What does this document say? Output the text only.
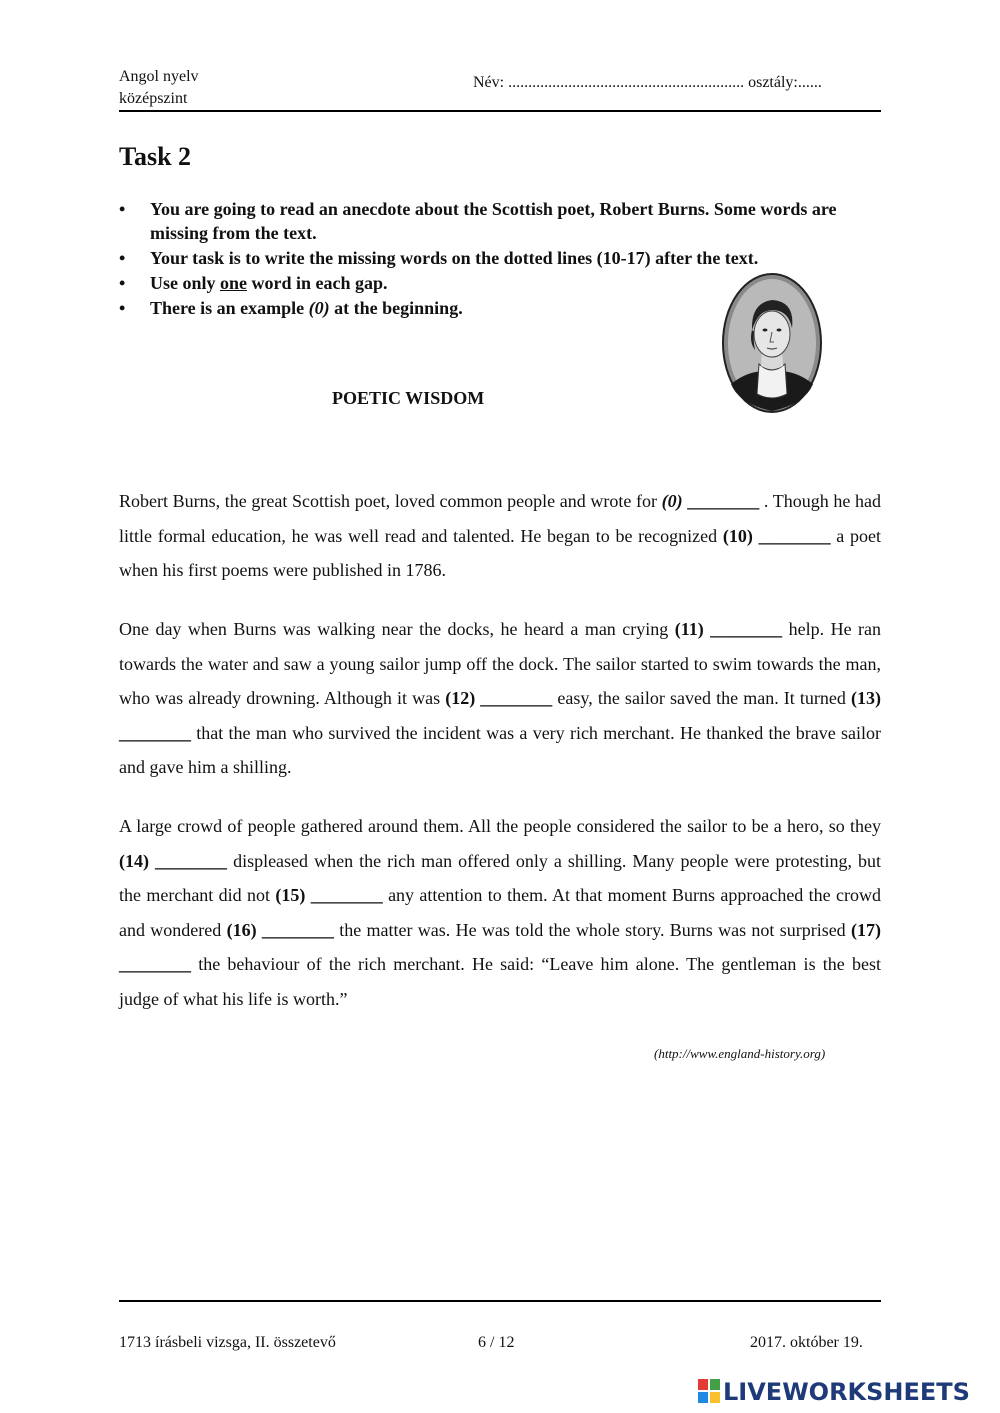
Angol nyelv
középszint
Név: ........................................................... osztály:......
Task 2
• You are going to read an anecdote about the Scottish poet, Robert Burns. Some words are missing from the text.
• Your task is to write the missing words on the dotted lines (10-17) after the text.
• Use only one word in each gap.
• There is an example (0) at the beginning.
POETIC WISDOM

Robert Burns, the great Scottish poet, loved common people and wrote for (0) ________ . Though he had little formal education, he was well read and talented. He began to be recognized (10) ________ a poet when his first poems were published in 1786.

One day when Burns was walking near the docks, he heard a man crying (11) ________ help. He ran towards the water and saw a young sailor jump off the dock. The sailor started to swim towards the man, who was already drowning. Although it was (12) ________ easy, the sailor saved the man. It turned (13) ________ that the man who survived the incident was a very rich merchant. He thanked the brave sailor and gave him a shilling.

A large crowd of people gathered around them. All the people considered the sailor to be a hero, so they (14) ________ displeased when the rich man offered only a shilling. Many people were protesting, but the merchant did not (15) ________ any attention to them. At that moment Burns approached the crowd and wondered (16) ________ the matter was. He was told the whole story. Burns was not surprised (17) ________ the behaviour of the rich merchant. He said: “Leave him alone. The gentleman is the best judge of what his life is worth.”

(http://www.england-history.org)
1713 írásbeli vizsga, II. összetevő	6 / 12	2017. október 19.
LIVEWORKSHEETS
